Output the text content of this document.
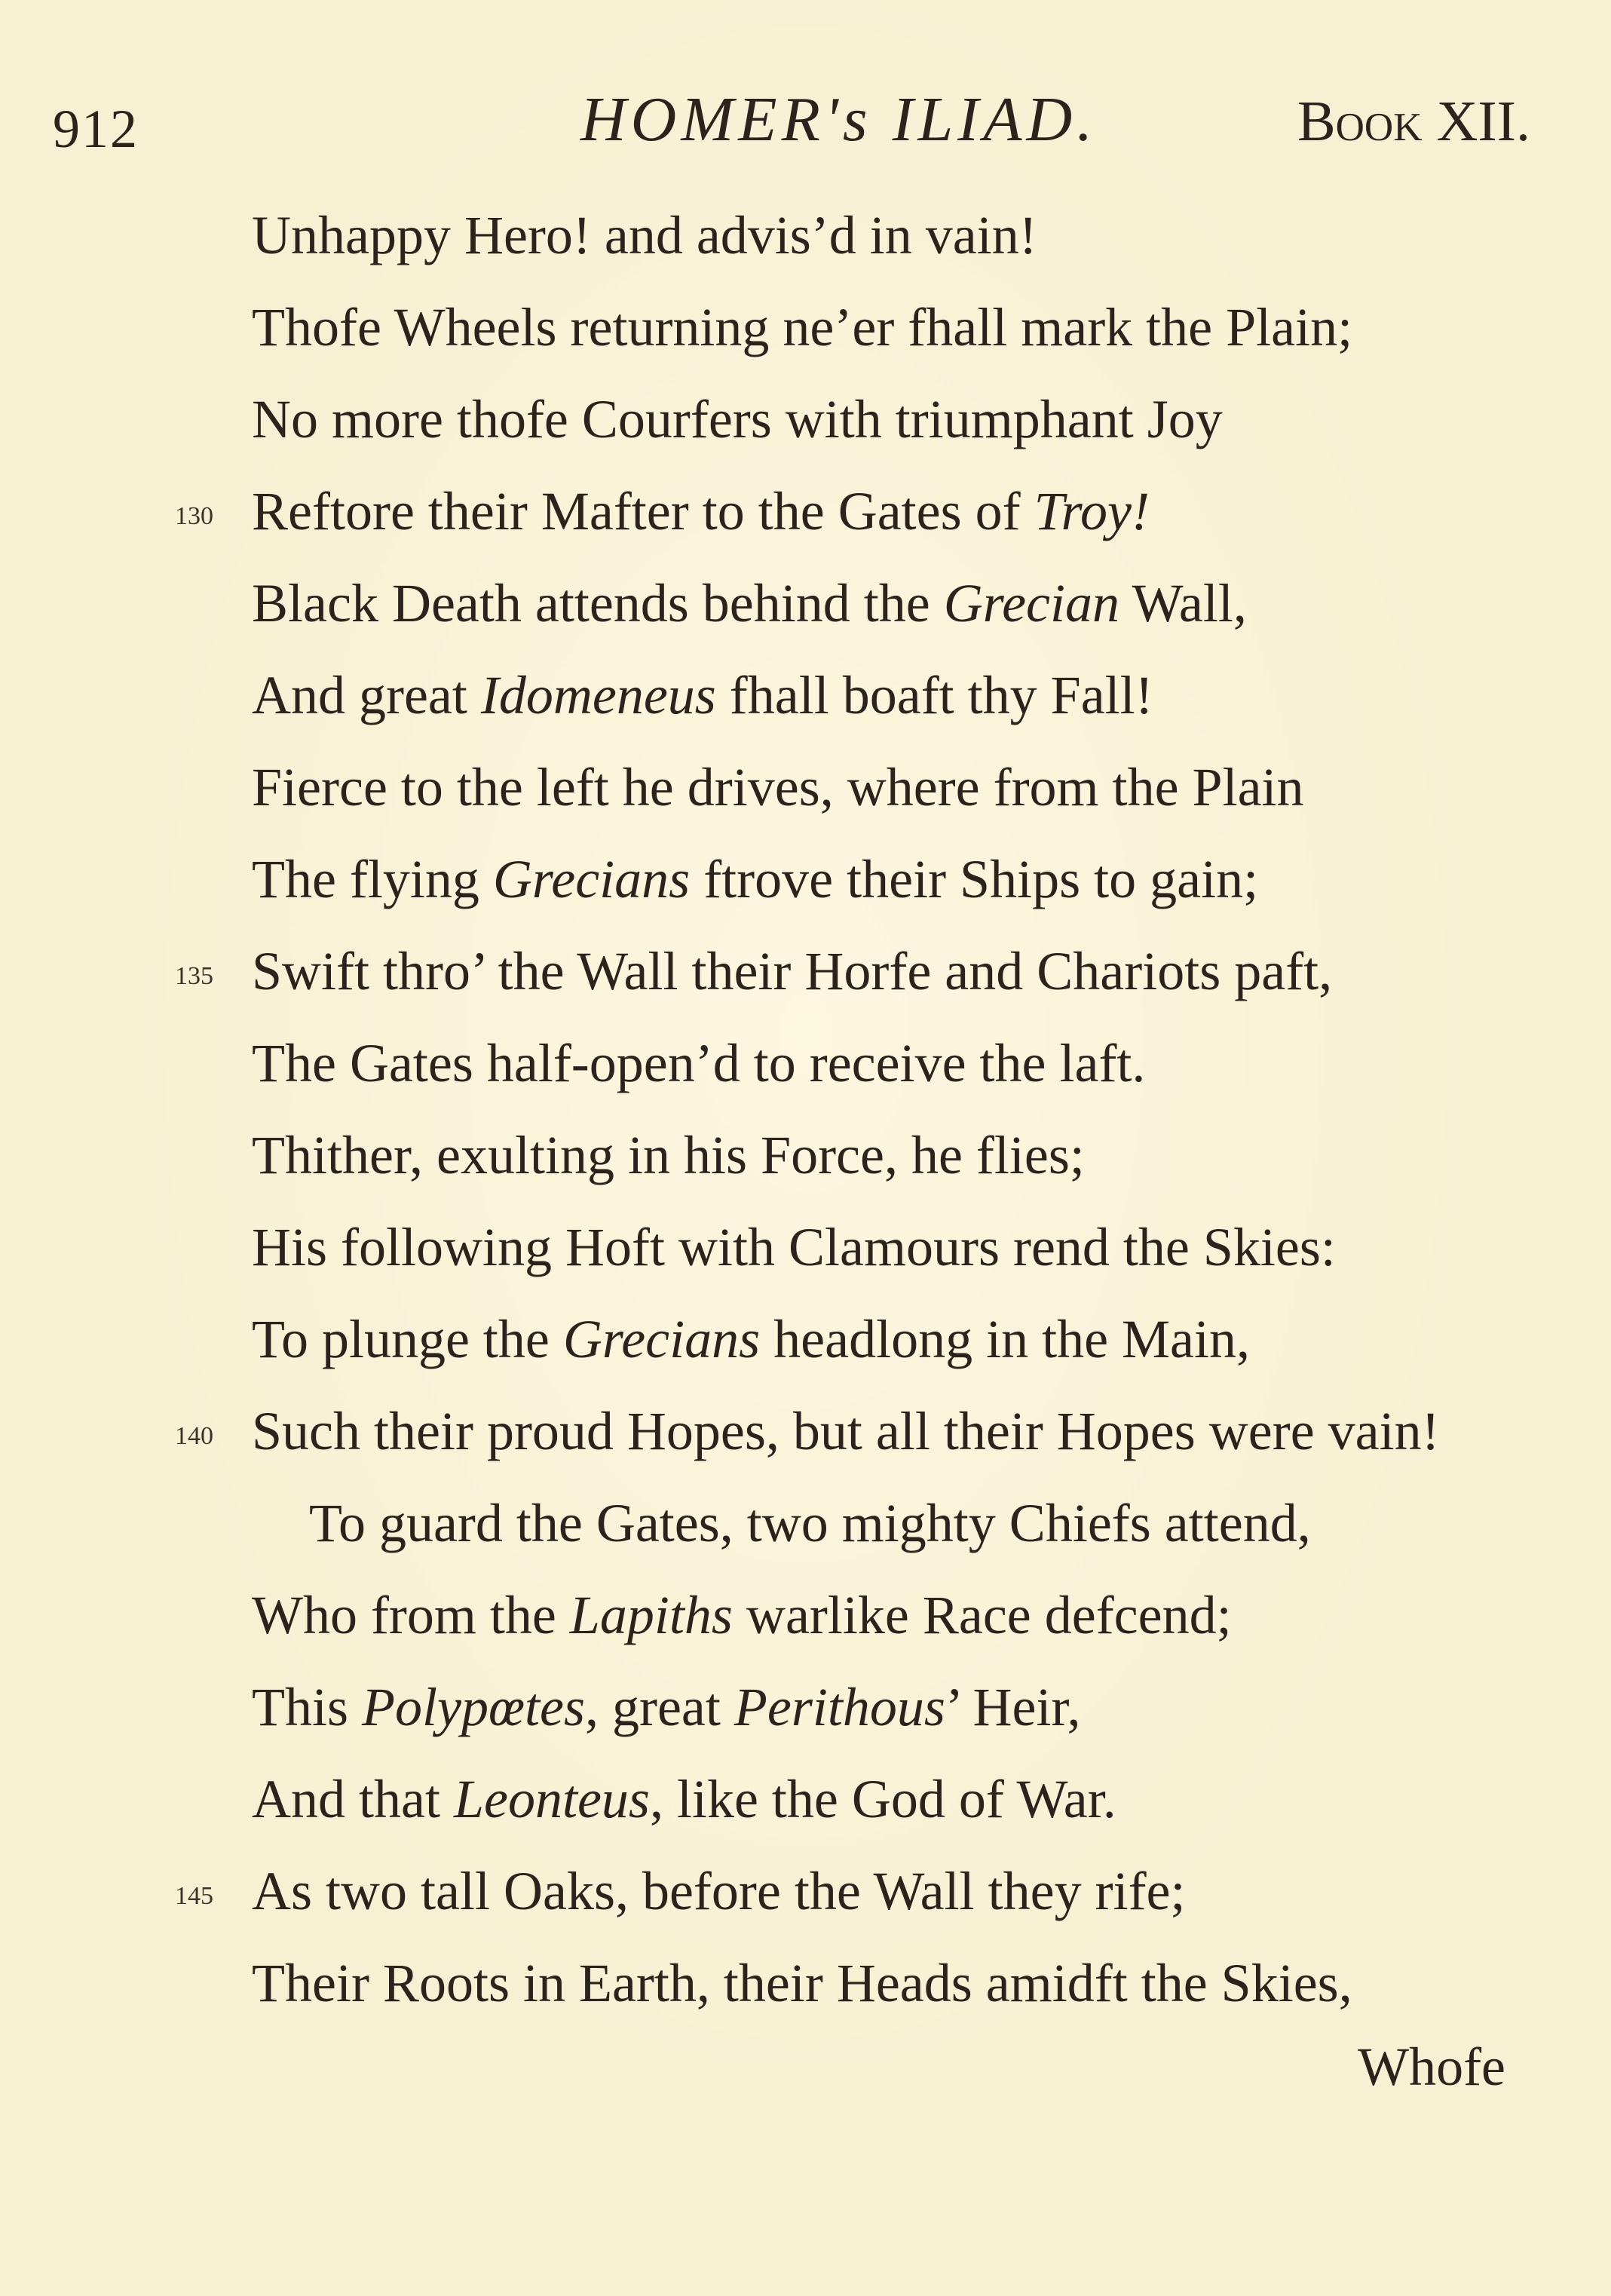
912	HOMER's ILIAD.	Book XII.
Unhappy Hero! and advis’d in vain!
Thofe Wheels returning ne’er fhall mark the Plain;
No more thofe Courfers with triumphant Joy
130 Reftore their Mafter to the Gates of Troy!
Black Death attends behind the Grecian Wall,
And great Idomeneus fhall boaft thy Fall!
Fierce to the left he drives, where from the Plain
The flying Grecians ftrove their Ships to gain;
135 Swift thro’ the Wall their Horfe and Chariots paft,
The Gates half-open’d to receive the laft.
Thither, exulting in his Force, he flies;
His following Hoft with Clamours rend the Skies:
To plunge the Grecians headlong in the Main,
140 Such their proud Hopes, but all their Hopes were vain!
To guard the Gates, two mighty Chiefs attend,
Who from the Lapiths warlike Race defcend;
This Polypœtes, great Perithous’ Heir,
And that Leonteus, like the God of War.
145 As two tall Oaks, before the Wall they rife;
Their Roots in Earth, their Heads amidft the Skies,
Whofe
